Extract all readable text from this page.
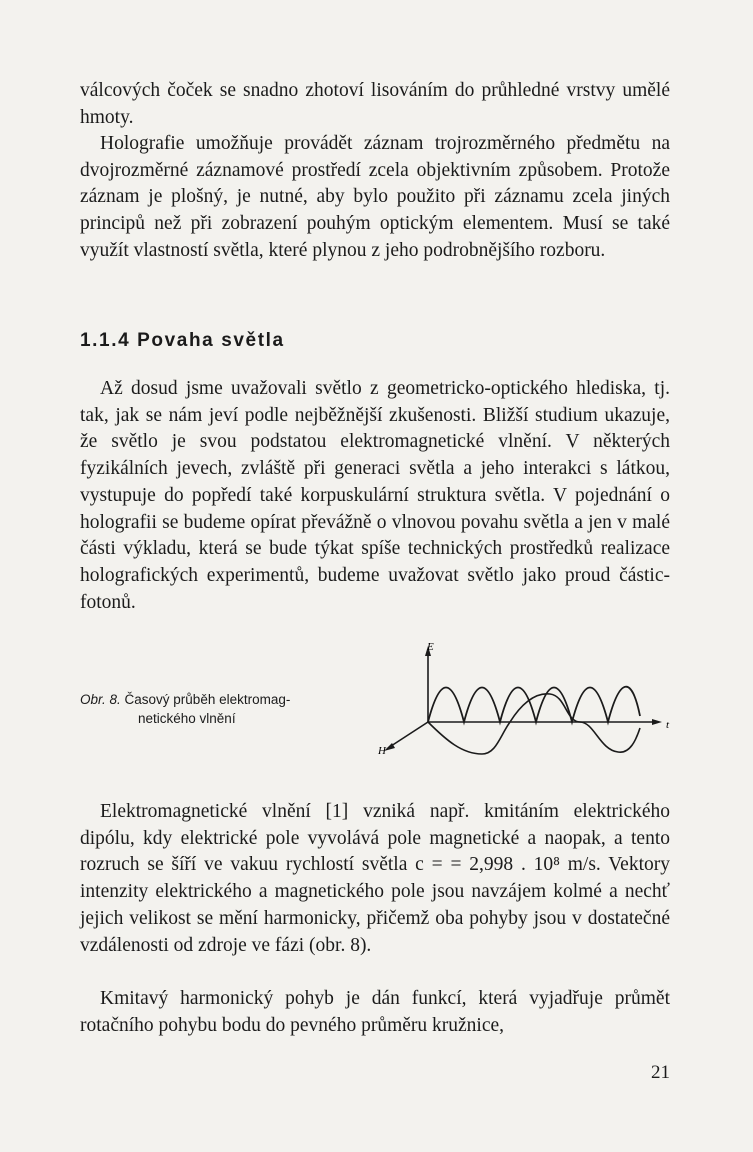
válcových čoček se snadno zhotoví lisováním do průhledné vrstvy umělé hmoty.

Holografie umožňuje provádět záznam trojrozměrného předmětu na dvojrozměrné záznamové prostředí zcela objektivním způsobem. Protože záznam je plošný, je nutné, aby bylo použito při záznamu zcela jiných principů než při zobrazení pouhým optickým elementem. Musí se také využít vlastností světla, které plynou z jeho podrobnějšího rozboru.

1.1.4 Povaha světla

Až dosud jsme uvažovali světlo z geometricko-optického hlediska, tj. tak, jak se nám jeví podle nejběžnější zkušenosti. Bližší studium ukazuje, že světlo je svou podstatou elektromagnetické vlnění. V některých fyzikálních jevech, zvláště při generaci světla a jeho interakci s látkou, vystupuje do popředí také korpuskulární struktura světla. V pojednání o holografii se budeme opírat převážně o vlnovou povahu světla a jen v malé části výkladu, která se bude týkat spíše technických prostředků realizace holografických experimentů, budeme uvažovat světlo jako proud částic-fotonů.

Obr. 8. Časový průběh elektromag-
netického vlnění

E
t
H

Elektromagnetické vlnění [1] vzniká např. kmitáním elektrického dipólu, kdy elektrické pole vyvolává pole magnetické a naopak, a tento rozruch se šíří ve vakuu rychlostí světla c = = 2,998 . 10⁸ m/s. Vektory intenzity elektrického a magnetického pole jsou navzájem kolmé a nechť jejich velikost se mění harmonicky, přičemž oba pohyby jsou v dostatečné vzdálenosti od zdroje ve fázi (obr. 8).

Kmitavý harmonický pohyb je dán funkcí, která vyjadřuje průmět rotačního pohybu bodu do pevného průměru kružnice,

21
